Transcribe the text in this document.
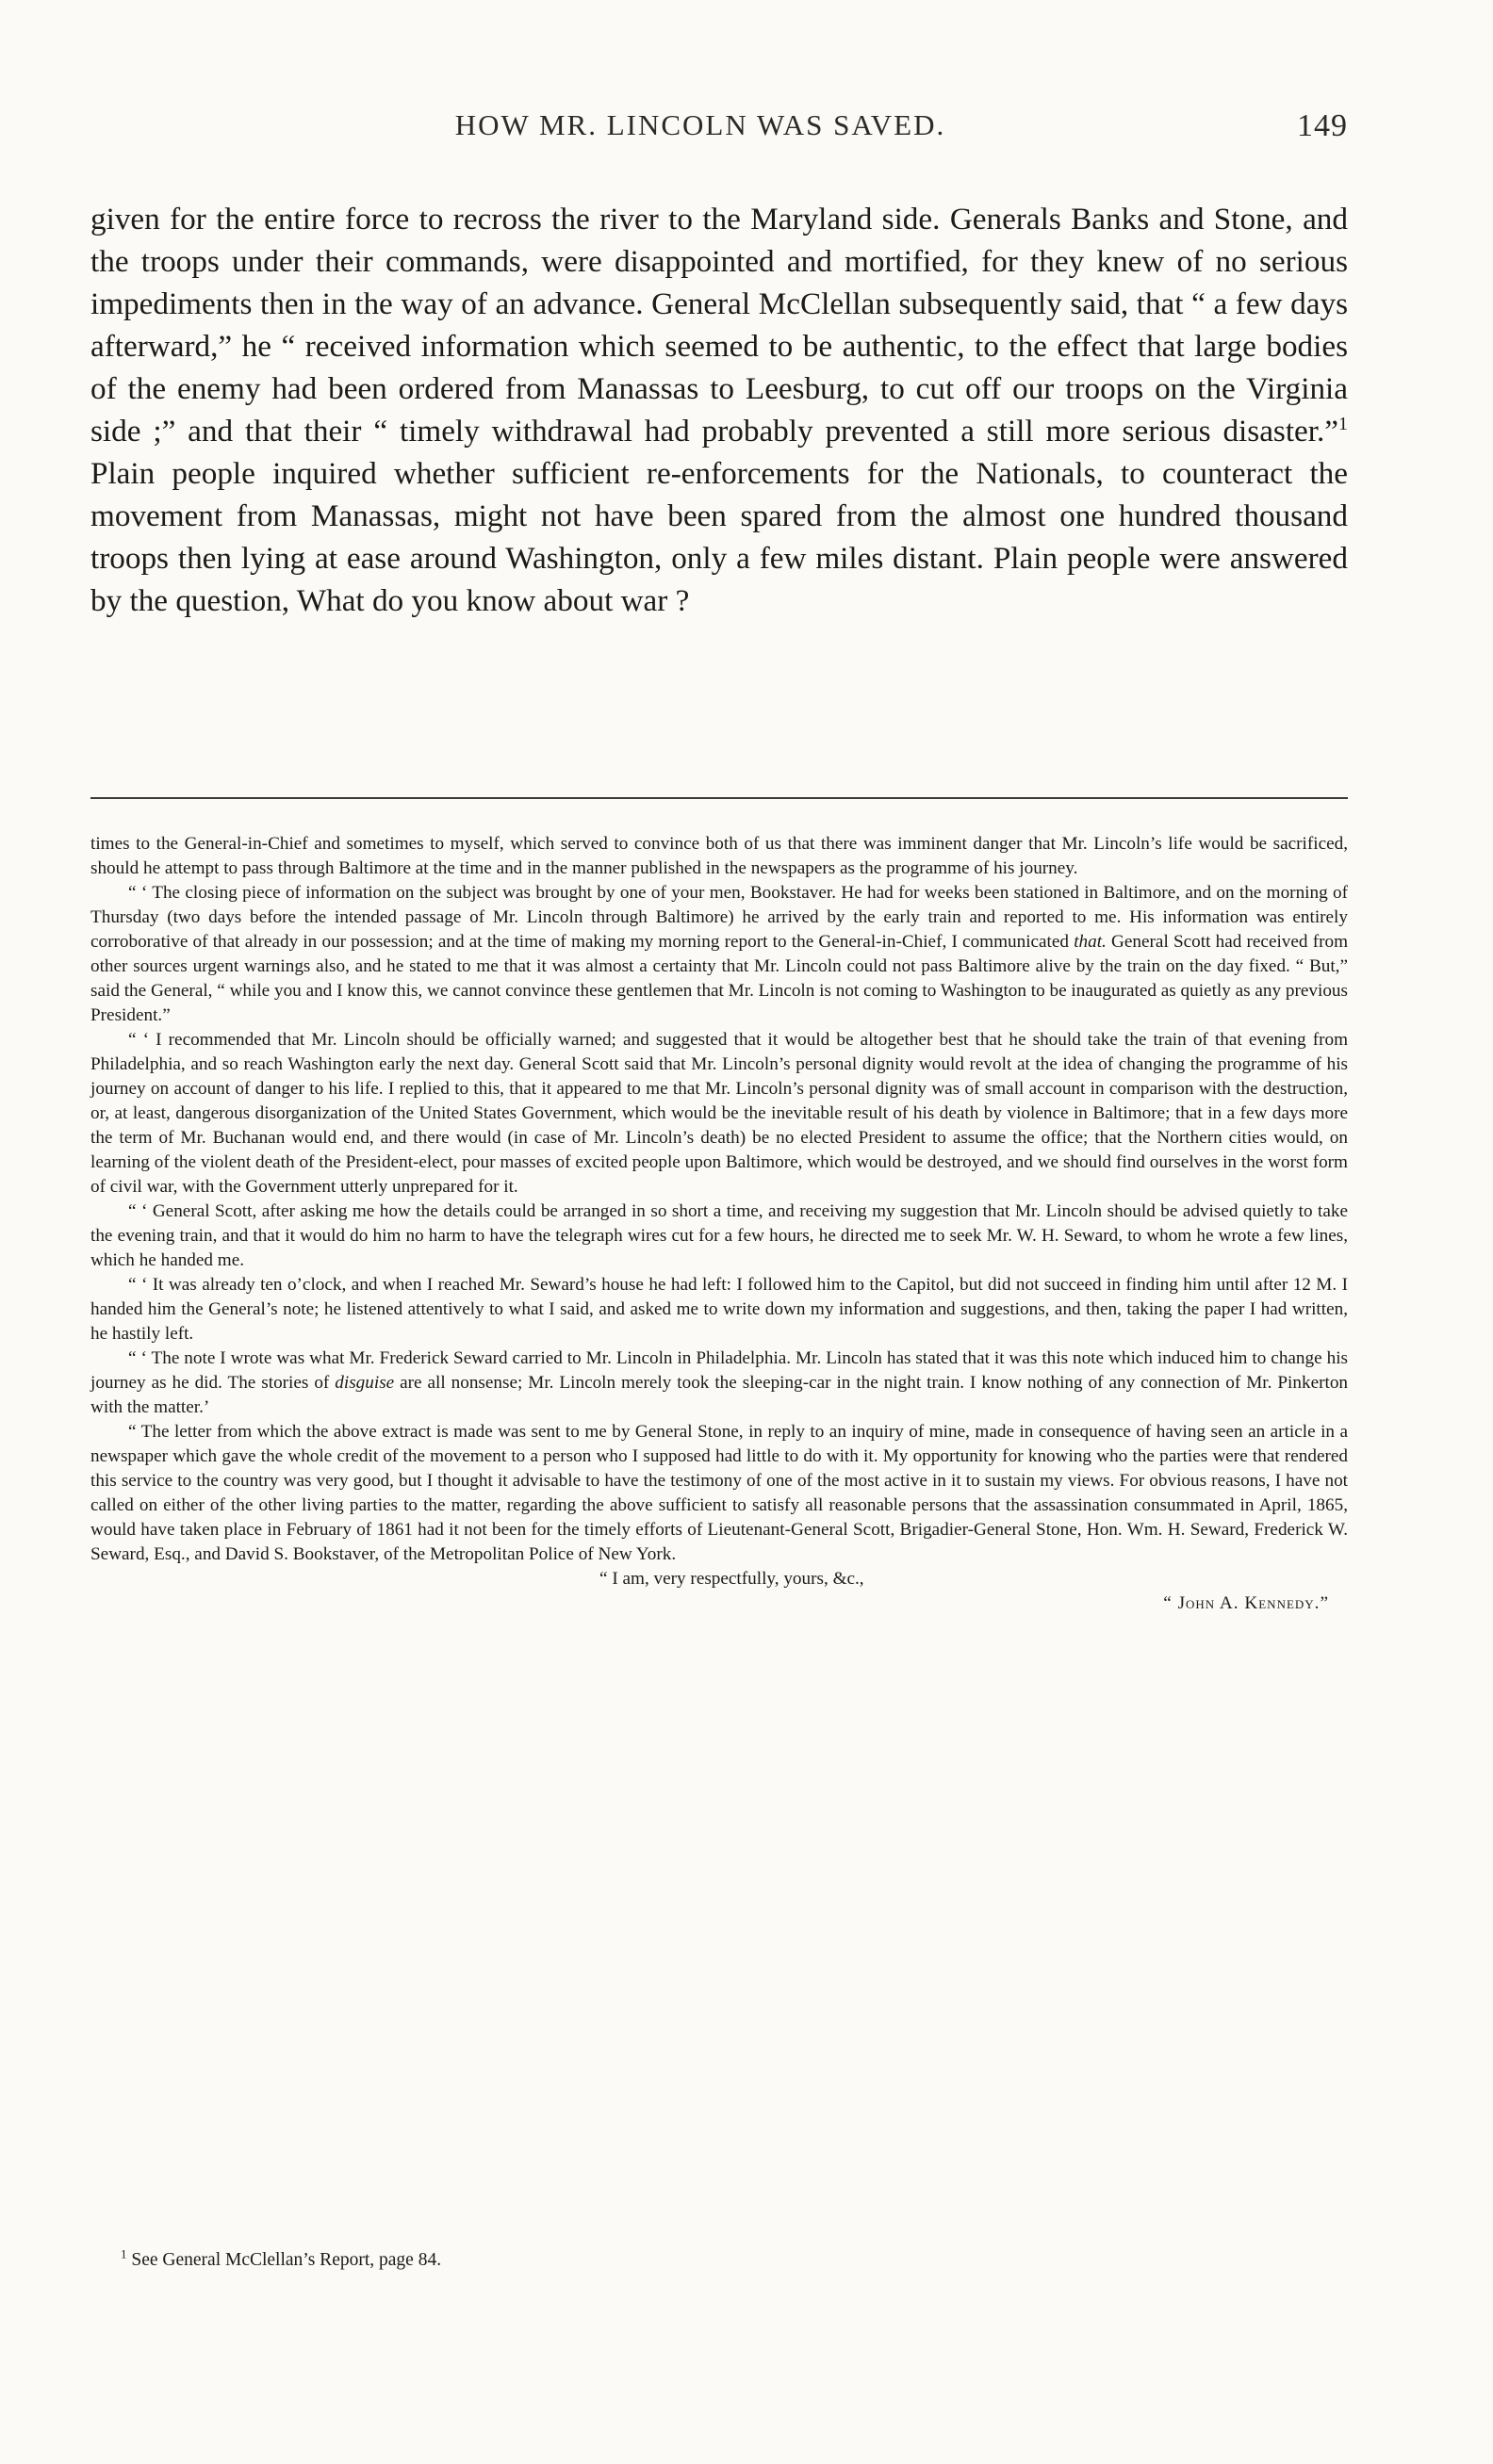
HOW MR. LINCOLN WAS SAVED.	149

given for the entire force to recross the river to the Maryland side. Generals Banks and Stone, and the troops under their commands, were disappointed and mortified, for they knew of no serious impediments then in the way of an advance. General McClellan subsequently said, that “ a few days afterward,” he “ received information which seemed to be authentic, to the effect that large bodies of the enemy had been ordered from Manassas to Leesburg, to cut off our troops on the Virginia side ;” and that their “ timely withdrawal had probably prevented a still more serious disaster.”$^1$ Plain people inquired whether sufficient re-enforcements for the Nationals, to counteract the movement from Manassas, might not have been spared from the almost one hundred thousand troops then lying at ease around Washington, only a few miles distant. Plain people were answered by the question, What do you know about war ?

times to the General-in-Chief and sometimes to myself, which served to convince both of us that there was imminent danger that Mr. Lincoln’s life would be sacrificed, should he attempt to pass through Baltimore at the time and in the manner published in the newspapers as the programme of his journey.

“ ‘ The closing piece of information on the subject was brought by one of your men, Bookstaver. He had for weeks been stationed in Baltimore, and on the morning of Thursday (two days before the intended passage of Mr. Lincoln through Baltimore) he arrived by the early train and reported to me. His information was entirely corroborative of that already in our possession; and at the time of making my morning report to the General-in-Chief, I communicated that. General Scott had received from other sources urgent warnings also, and he stated to me that it was almost a certainty that Mr. Lincoln could not pass Baltimore alive by the train on the day fixed. “ But,” said the General, “ while you and I know this, we cannot convince these gentlemen that Mr. Lincoln is not coming to Washington to be inaugurated as quietly as any previous President.”

“ ‘ I recommended that Mr. Lincoln should be officially warned; and suggested that it would be altogether best that he should take the train of that evening from Philadelphia, and so reach Washington early the next day. General Scott said that Mr. Lincoln’s personal dignity would revolt at the idea of changing the programme of his journey on account of danger to his life. I replied to this, that it appeared to me that Mr. Lincoln’s personal dignity was of small account in comparison with the destruction, or, at least, dangerous disorganization of the United States Government, which would be the inevitable result of his death by violence in Baltimore; that in a few days more the term of Mr. Buchanan would end, and there would (in case of Mr. Lincoln’s death) be no elected President to assume the office; that the Northern cities would, on learning of the violent death of the President-elect, pour masses of excited people upon Baltimore, which would be destroyed, and we should find ourselves in the worst form of civil war, with the Government utterly unprepared for it.

“ ‘ General Scott, after asking me how the details could be arranged in so short a time, and receiving my suggestion that Mr. Lincoln should be advised quietly to take the evening train, and that it would do him no harm to have the telegraph wires cut for a few hours, he directed me to seek Mr. W. H. Seward, to whom he wrote a few lines, which he handed me.

“ ‘ It was already ten o’clock, and when I reached Mr. Seward’s house he had left: I followed him to the Capitol, but did not succeed in finding him until after 12 M. I handed him the General’s note; he listened attentively to what I said, and asked me to write down my information and suggestions, and then, taking the paper I had written, he hastily left.

“ ‘ The note I wrote was what Mr. Frederick Seward carried to Mr. Lincoln in Philadelphia. Mr. Lincoln has stated that it was this note which induced him to change his journey as he did. The stories of disguise are all nonsense; Mr. Lincoln merely took the sleeping-car in the night train. I know nothing of any connection of Mr. Pinkerton with the matter.’

“ The letter from which the above extract is made was sent to me by General Stone, in reply to an inquiry of mine, made in consequence of having seen an article in a newspaper which gave the whole credit of the movement to a person who I supposed had little to do with it. My opportunity for knowing who the parties were that rendered this service to the country was very good, but I thought it advisable to have the testimony of one of the most active in it to sustain my views. For obvious reasons, I have not called on either of the other living parties to the matter, regarding the above sufficient to satisfy all reasonable persons that the assassination consummated in April, 1865, would have taken place in February of 1861 had it not been for the timely efforts of Lieutenant-General Scott, Brigadier-General Stone, Hon. Wm. H. Seward, Frederick W. Seward, Esq., and David S. Bookstaver, of the Metropolitan Police of New York.

“ I am, very respectfully, yours, &c.,

“ John A. Kennedy.”

$^1$ See General McClellan’s Report, page 84.
